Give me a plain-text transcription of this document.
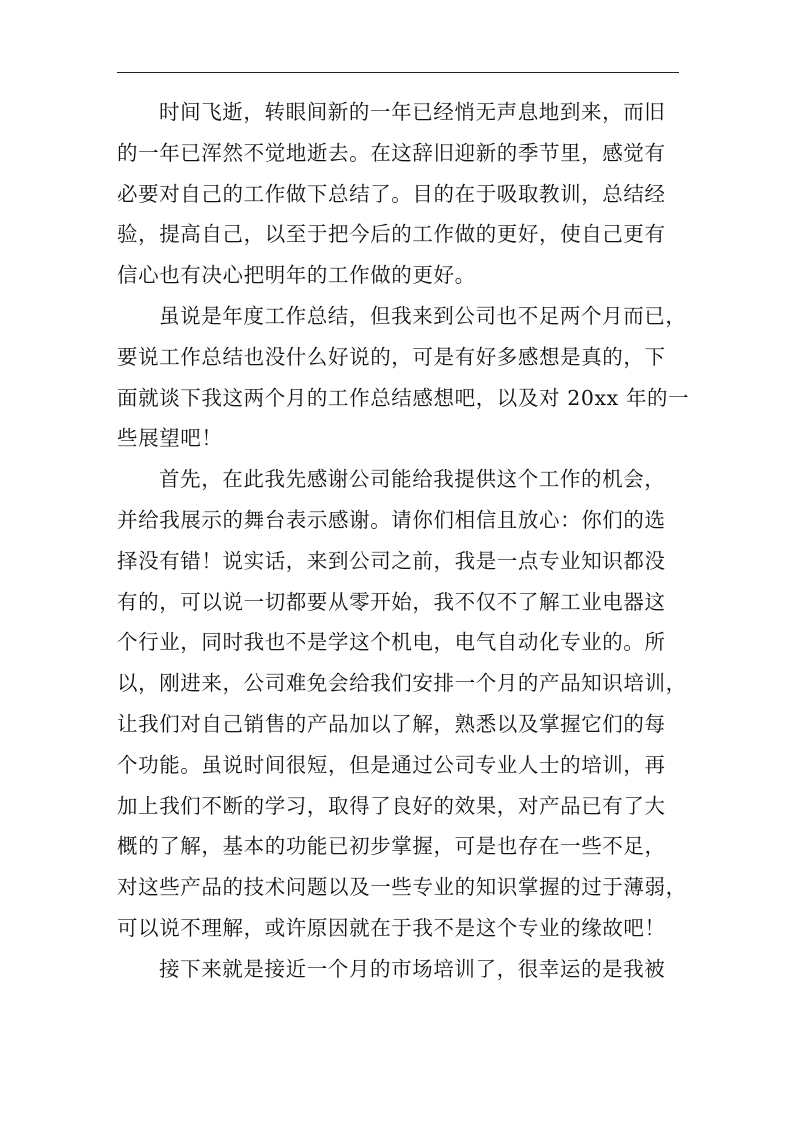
时间飞逝，转眼间新的一年已经悄无声息地到来，而旧
的一年已浑然不觉地逝去。在这辞旧迎新的季节里，感觉有
必要对自己的工作做下总结了。目的在于吸取教训，总结经
验，提高自己，以至于把今后的工作做的更好，使自己更有
信心也有决心把明年的工作做的更好。
虽说是年度工作总结，但我来到公司也不足两个月而已，
要说工作总结也没什么好说的，可是有好多感想是真的，下
面就谈下我这两个月的工作总结感想吧，以及对 20xx 年的一
些展望吧！
首先，在此我先感谢公司能给我提供这个工作的机会，
并给我展示的舞台表示感谢。请你们相信且放心：你们的选
择没有错！说实话，来到公司之前，我是一点专业知识都没
有的，可以说一切都要从零开始，我不仅不了解工业电器这
个行业，同时我也不是学这个机电，电气自动化专业的。所
以，刚进来，公司难免会给我们安排一个月的产品知识培训，
让我们对自己销售的产品加以了解，熟悉以及掌握它们的每
个功能。虽说时间很短，但是通过公司专业人士的培训，再
加上我们不断的学习，取得了良好的效果，对产品已有了大
概的了解，基本的功能已初步掌握，可是也存在一些不足，
对这些产品的技术问题以及一些专业的知识掌握的过于薄弱，
可以说不理解，或许原因就在于我不是这个专业的缘故吧！
接下来就是接近一个月的市场培训了，很幸运的是我被
